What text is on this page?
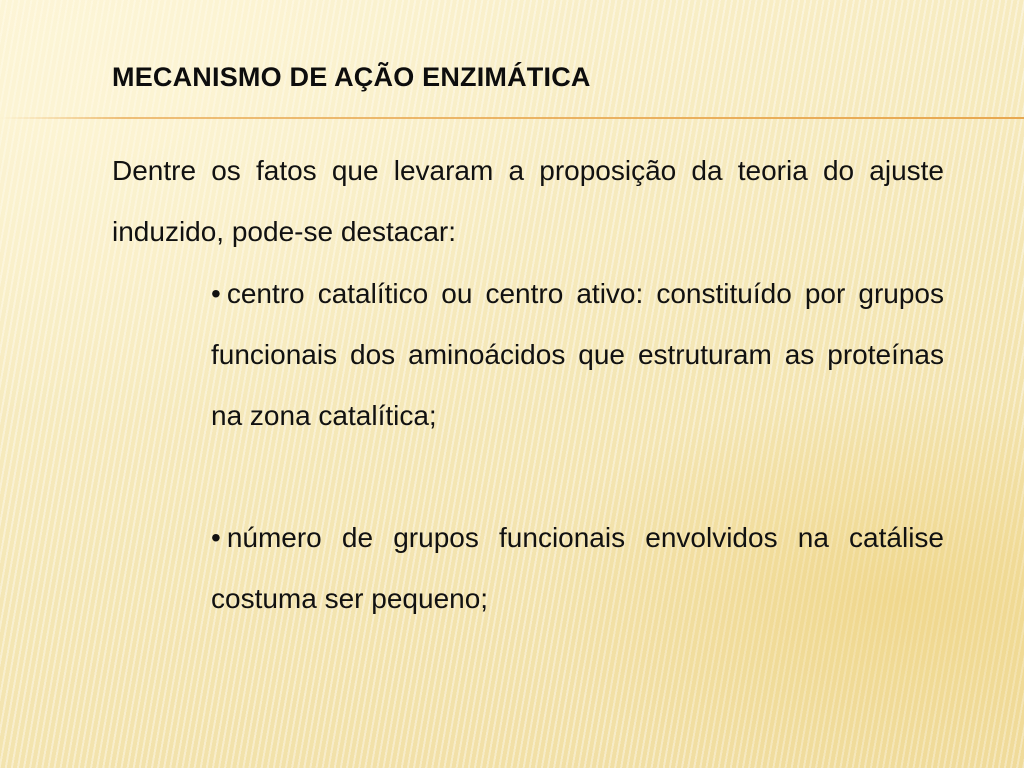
MECANISMO DE AÇÃO ENZIMÁTICA

Dentre os fatos que levaram a proposição da teoria do ajuste induzido, pode-se destacar:

• centro catalítico ou centro ativo: constituído por grupos funcionais dos aminoácidos que estruturam as proteínas na zona catalítica;
• número de grupos funcionais envolvidos na catálise costuma ser pequeno;
